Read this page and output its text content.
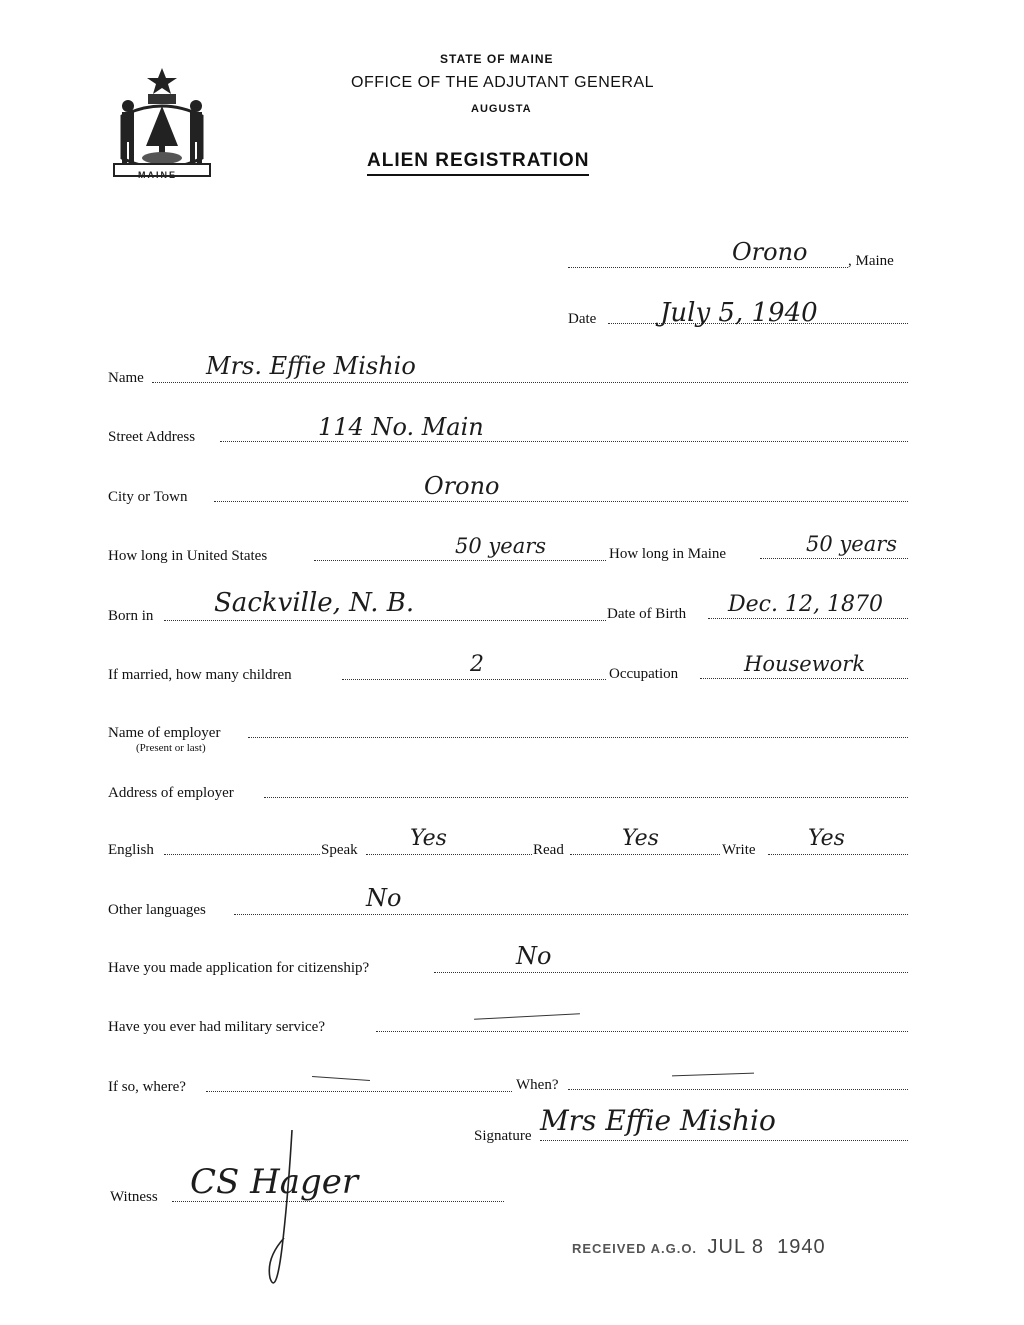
MAINE
STATE OF MAINE
OFFICE OF THE ADJUTANT GENERAL
AUGUSTA
ALIEN REGISTRATION
Orono	, Maine
Date July 5, 1940
Name	Mrs. Effie Mishio
Street Address	114 No. Main
City or Town	Orono
How long in United States	50 years	How long in Maine	50 years
Born in Sackville, N. B.	Date of Birth Dec. 12, 1870
If married, how many children	2	Occupation	Housework
Name of employer
(Present or last)
Address of employer
English	Speak Yes	Read	Yes	Write Yes
Other languages	No
Have you made application for citizenship?	No
Have you ever had military service?
If so, where?	When?
Signature Mrs Effie Mishio
Witness CS Hager
RECEIVED A.G.O. JUL 8  1940
